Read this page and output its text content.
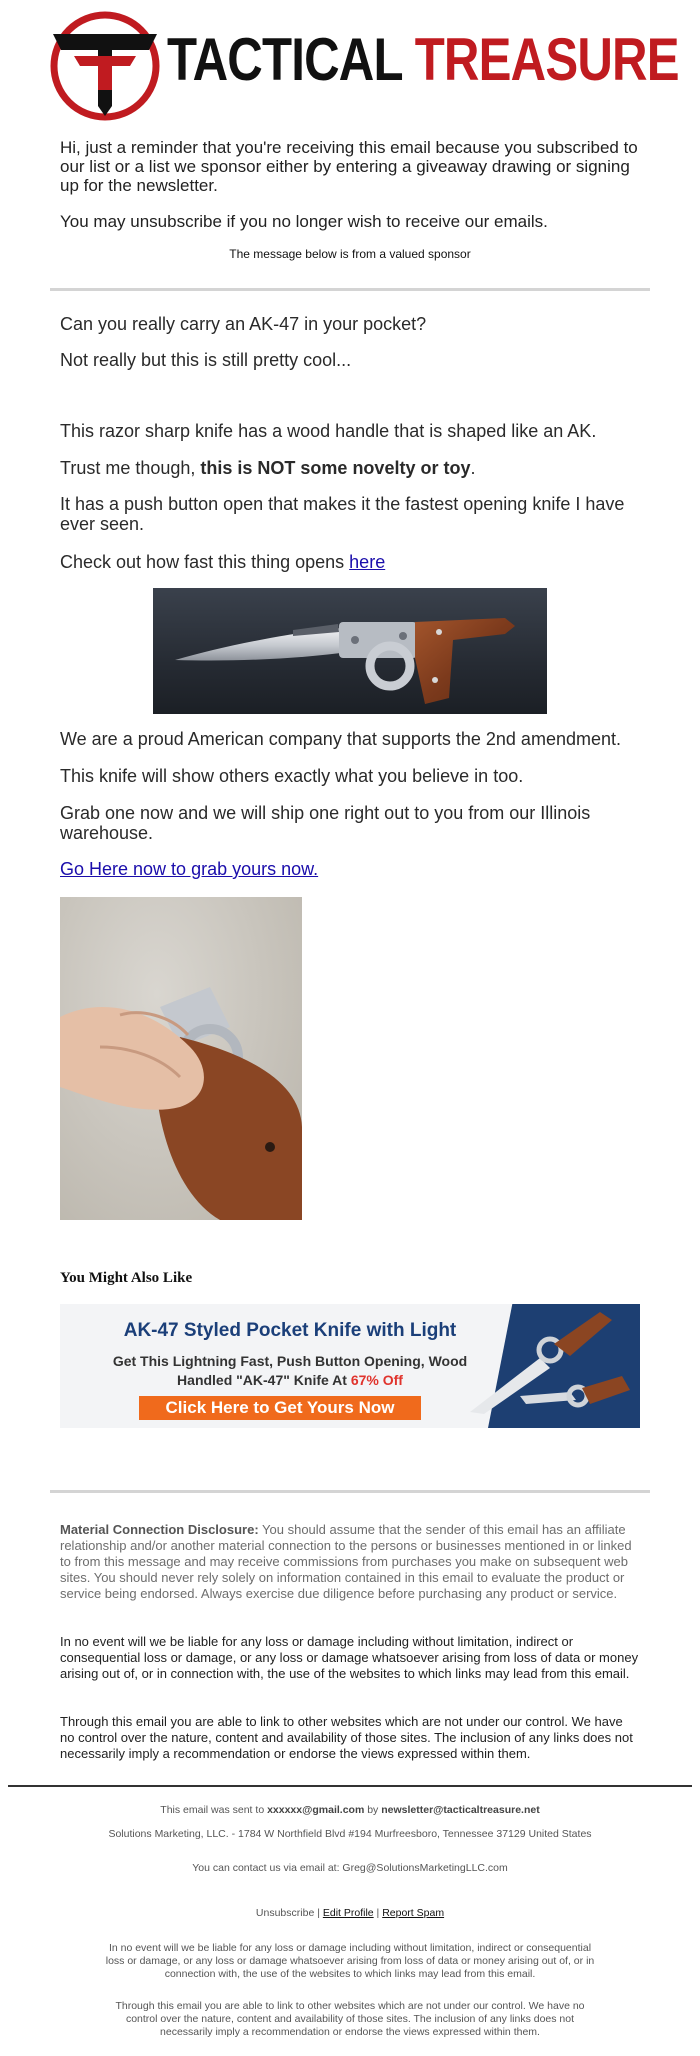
TACTICAL TREASURE
Hi, just a reminder that you're receiving this email because you subscribed to our list or a list we sponsor either by entering a giveaway drawing or signing up for the newsletter.
You may unsubscribe if you no longer wish to receive our emails.
The message below is from a valued sponsor
Can you really carry an AK-47 in your pocket?
Not really but this is still pretty cool...
This razor sharp knife has a wood handle that is shaped like an AK.
Trust me though, this is NOT some novelty or toy.
It has a push button open that makes it the fastest opening knife I have ever seen.
Check out how fast this thing opens here
We are a proud American company that supports the 2nd amendment.
This knife will show others exactly what you believe in too.
Grab one now and we will ship one right out to you from our Illinois warehouse.
Go Here now to grab yours now.
You Might Also Like
AK-47 Styled Pocket Knife with Light
Get This Lightning Fast, Push Button Opening, Wood
Handled "AK-47" Knife At 67% Off
Click Here to Get Yours Now
Material Connection Disclosure: You should assume that the sender of this email has an affiliate relationship and/or another material connection to the persons or businesses mentioned in or linked to from this message and may receive commissions from purchases you make on subsequent web sites. You should never rely solely on information contained in this email to evaluate the product or service being endorsed. Always exercise due diligence before purchasing any product or service.
In no event will we be liable for any loss or damage including without limitation, indirect or consequential loss or damage, or any loss or damage whatsoever arising from loss of data or money arising out of, or in connection with, the use of the websites to which links may lead from this email.
Through this email you are able to link to other websites which are not under our control. We have no control over the nature, content and availability of those sites. The inclusion of any links does not necessarily imply a recommendation or endorse the views expressed within them.
This email was sent to xxxxxx@gmail.com by newsletter@tacticaltreasure.net
Solutions Marketing, LLC. - 1784 W Northfield Blvd #194 Murfreesboro, Tennessee 37129 United States
You can contact us via email at: Greg@SolutionsMarketingLLC.com
Unsubscribe | Edit Profile | Report Spam
In no event will we be liable for any loss or damage including without limitation, indirect or consequential loss or damage, or any loss or damage whatsoever arising from loss of data or money arising out of, or in connection with, the use of the websites to which links may lead from this email.
Through this email you are able to link to other websites which are not under our control. We have no control over the nature, content and availability of those sites. The inclusion of any links does not necessarily imply a recommendation or endorse the views expressed within them.
